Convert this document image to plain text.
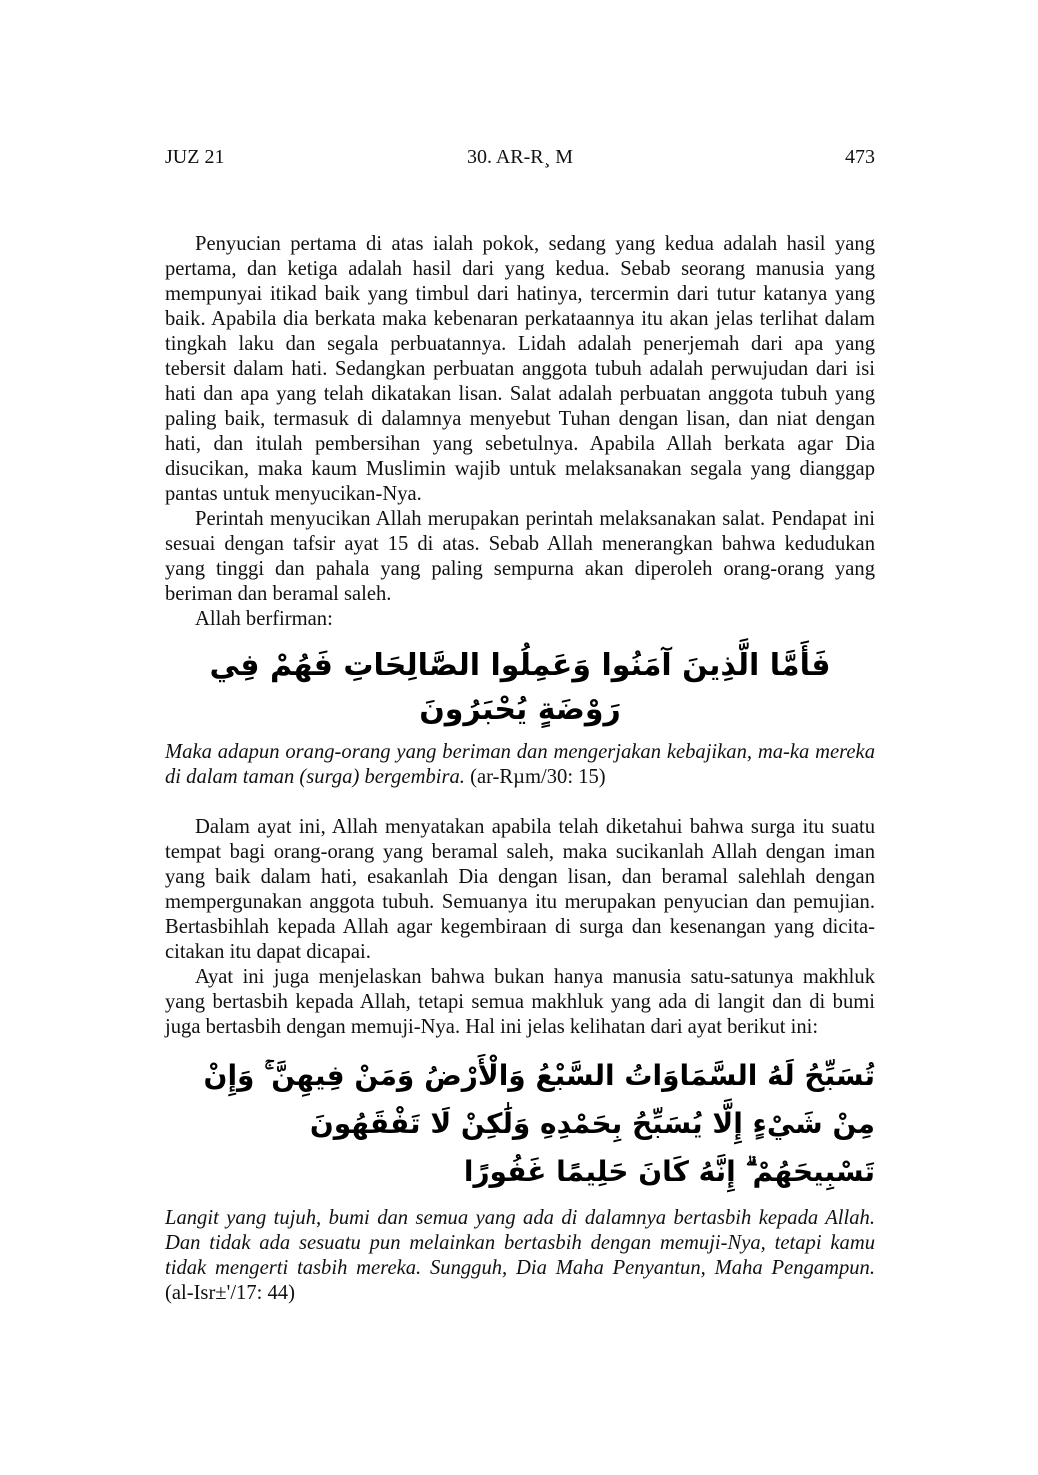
JUZ 21	30. AR-R¸ M	473

Penyucian pertama di atas ialah pokok, sedang yang kedua adalah hasil yang pertama, dan ketiga adalah hasil dari yang kedua. Sebab seorang manusia yang mempunyai itikad baik yang timbul dari hatinya, tercermin dari tutur katanya yang baik. Apabila dia berkata maka kebenaran perkataannya itu akan jelas terlihat dalam tingkah laku dan segala perbuatannya. Lidah adalah penerjemah dari apa yang tebersit dalam hati. Sedangkan perbuatan anggota tubuh adalah perwujudan dari isi hati dan apa yang telah dikatakan lisan. Salat adalah perbuatan anggota tubuh yang paling baik, termasuk di dalamnya menyebut Tuhan dengan lisan, dan niat dengan hati, dan itulah pembersihan yang sebetulnya. Apabila Allah berkata agar Dia disucikan, maka kaum Muslimin wajib untuk melaksanakan segala yang dianggap pantas untuk menyucikan-Nya.

Perintah menyucikan Allah merupakan perintah melaksanakan salat. Pendapat ini sesuai dengan tafsir ayat 15 di atas. Sebab Allah menerangkan bahwa kedudukan yang tinggi dan pahala yang paling sempurna akan diperoleh orang-orang yang beriman dan beramal saleh.

Allah berfirman:

فَأَمَّا الَّذِينَ آمَنُوا وَعَمِلُوا الصَّالِحَاتِ فَهُمْ فِي رَوْضَةٍ يُحْبَرُونَ

Maka adapun orang-orang yang beriman dan mengerjakan kebajikan, ma-ka mereka di dalam taman (surga) bergembira. (ar-Rµm/30: 15)

Dalam ayat ini, Allah menyatakan apabila telah diketahui bahwa surga itu suatu tempat bagi orang-orang yang beramal saleh, maka sucikanlah Allah dengan iman yang baik dalam hati, esakanlah Dia dengan lisan, dan beramal salehlah dengan mempergunakan anggota tubuh. Semuanya itu merupakan penyucian dan pemujian. Bertasbihlah kepada Allah agar kegembiraan di surga dan kesenangan yang dicita-citakan itu dapat dicapai.

Ayat ini juga menjelaskan bahwa bukan hanya manusia satu-satunya makhluk yang bertasbih kepada Allah, tetapi semua makhluk yang ada di langit dan di bumi juga bertasbih dengan memuji-Nya. Hal ini jelas kelihatan dari ayat berikut ini:

تُسَبِّحُ لَهُ السَّمَاوَاتُ السَّبْعُ وَالْأَرْضُ وَمَنْ فِيهِنَّ ۚ وَإِنْ مِنْ شَيْءٍ إِلَّا يُسَبِّحُ بِحَمْدِهِ وَلَٰكِنْ لَا تَفْقَهُونَ
تَسْبِيحَهُمْ ۗ إِنَّهُ كَانَ حَلِيمًا غَفُورًا

Langit yang tujuh, bumi dan semua yang ada di dalamnya bertasbih kepada Allah. Dan tidak ada sesuatu pun melainkan bertasbih dengan memuji-Nya, tetapi kamu tidak mengerti tasbih mereka. Sungguh, Dia Maha Penyantun, Maha Pengampun. (al-Isr±'/17: 44)
